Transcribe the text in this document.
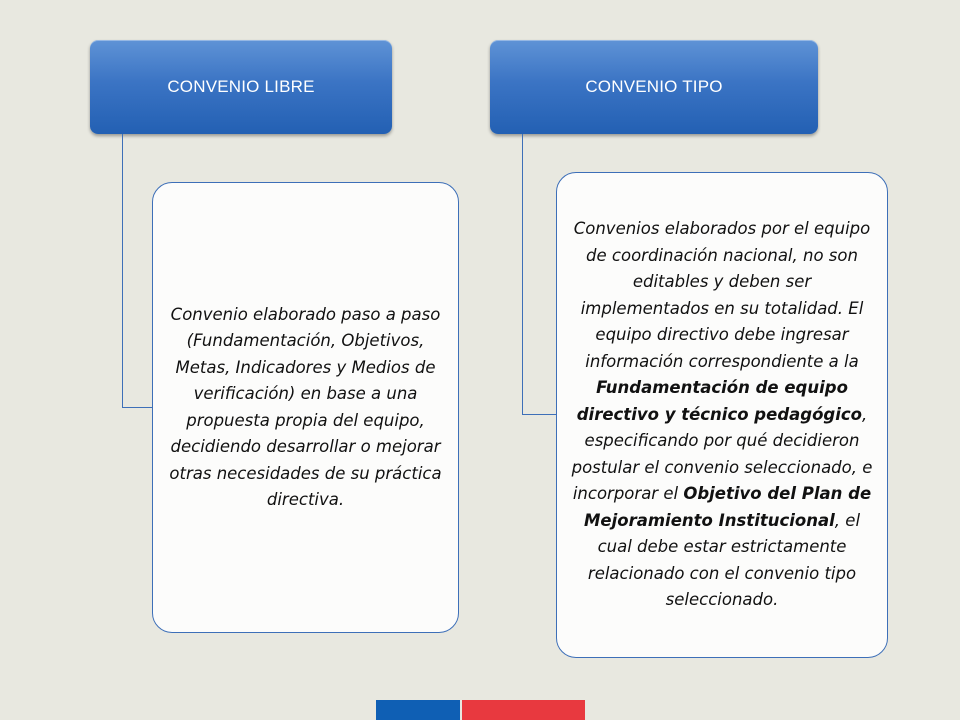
CONVENIO LIBRE	CONVENIO TIPO
Convenio elaborado paso a paso (Fundamentación, Objetivos, Metas, Indicadores y Medios de verificación) en base a una propuesta propia del equipo, decidiendo desarrollar o mejorar otras necesidades de su práctica directiva.
Convenios elaborados por el equipo de coordinación nacional, no son editables y deben ser implementados en su totalidad. El equipo directivo debe ingresar información correspondiente a la Fundamentación de equipo directivo y técnico pedagógico, especificando por qué decidieron postular el convenio seleccionado, e incorporar el Objetivo del Plan de Mejoramiento Institucional, el cual debe estar estrictamente relacionado con el convenio tipo seleccionado.
